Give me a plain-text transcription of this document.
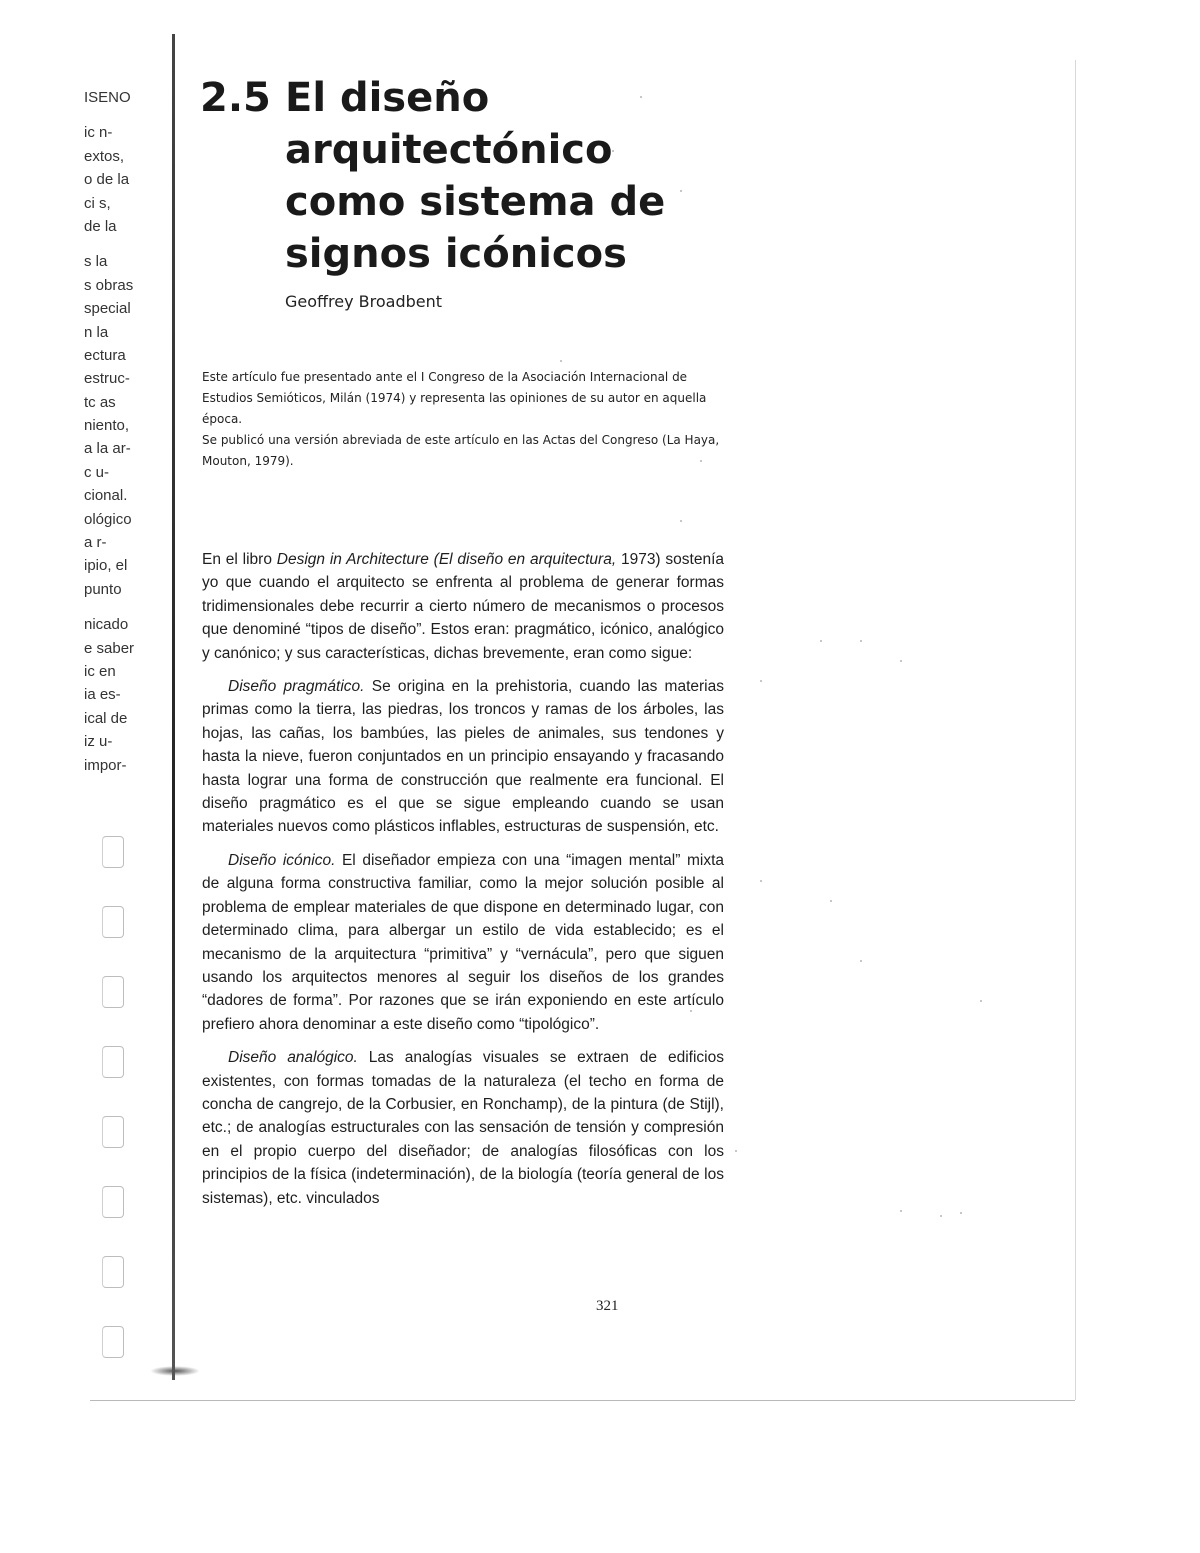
ISENO
ic n-
extos,
o de la
ci s,
de la
s la
s obras
special
n la
ectura
estruc-
tc as
niento,
a la ar-
c u-
cional.
ológico
a r-
ipio, el
punto
nicado
e saber
ic en
ia es-
ical de
iz u-
impor-
2.5 El diseño
arquitectónico
como sistema de
signos icónicos
Geoffrey Broadbent

Este artículo fue presentado ante el I Congreso de la Asociación Internacional de Estudios Semióticos, Milán (1974) y representa las opiniones de su autor en aquella época.

Se publicó una versión abreviada de este artículo en las Actas del Congreso (La Haya, Mouton, 1979).

En el libro Design in Architecture (El diseño en arquitectura, 1973) sostenía yo que cuando el arquitecto se enfrenta al problema de generar formas tridimensionales debe recurrir a cierto número de mecanismos o procesos que denominé “tipos de diseño”. Estos eran: pragmático, icónico, analógico y canónico; y sus características, dichas brevemente, eran como sigue:

Diseño pragmático. Se origina en la prehistoria, cuando las materias primas como la tierra, las piedras, los troncos y ramas de los árboles, las hojas, las cañas, los bambúes, las pieles de animales, sus tendones y hasta la nieve, fueron conjuntados en un principio ensayando y fracasando hasta lograr una forma de construcción que realmente era funcional. El diseño pragmático es el que se sigue empleando cuando se usan materiales nuevos como plásticos inflables, estructuras de suspensión, etc.

Diseño icónico. El diseñador empieza con una “imagen mental” mixta de alguna forma constructiva familiar, como la mejor solución posible al problema de emplear materiales de que dispone en determinado lugar, con determinado clima, para albergar un estilo de vida establecido; es el mecanismo de la arquitectura “primitiva” y “vernácula”, pero que siguen usando los arquitectos menores al seguir los diseños de los grandes “dadores de forma”. Por razones que se irán exponiendo en este artículo prefiero ahora denominar a este diseño como “tipológico”.

Diseño analógico. Las analogías visuales se extraen de edificios existentes, con formas tomadas de la naturaleza (el techo en forma de concha de cangrejo, de la Corbusier, en Ronchamp), de la pintura (de Stijl), etc.; de analogías estructurales con las sensación de tensión y compresión en el propio cuerpo del diseñador; de analogías filosóficas con los principios de la física (indeterminación), de la biología (teoría general de los sistemas), etc. vinculados

321
